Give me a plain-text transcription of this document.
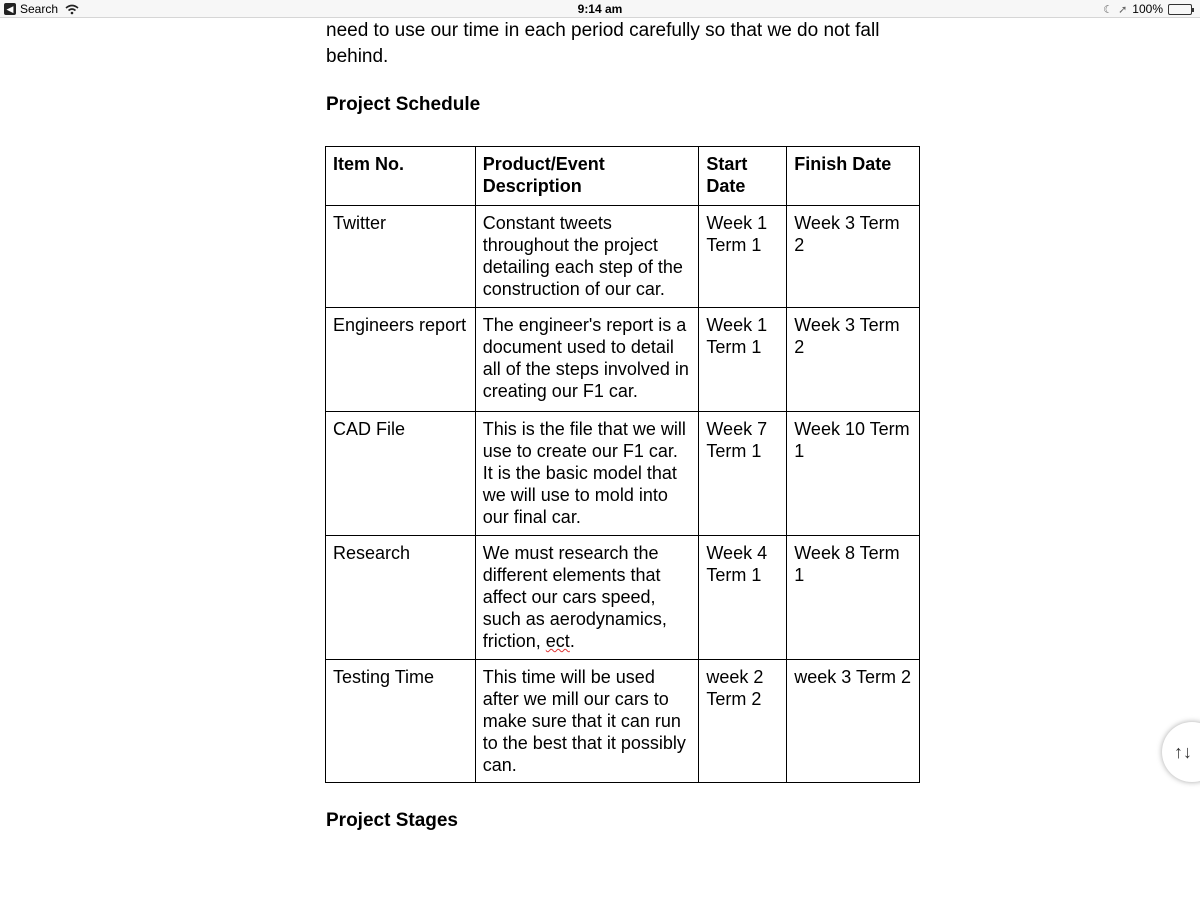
◀ Search	9:14 am	☾ ➚ 100%

need to use our time in each period carefully so that we do not fall behind.

Project Schedule
Item No.	Product/Event Description	Start Date	Finish Date
Twitter	Constant tweets throughout the project detailing each step of the construction of our car.	Week 1 Term 1	Week 3 Term 2
Engineers report	The engineer's report is a document used to detail all of the steps involved in creating our F1 car.	Week 1 Term 1	Week 3 Term 2
CAD File	This is the file that we will use to create our F1 car. It is the basic model that we will use to mold into our final car.	Week 7 Term 1	Week 10 Term 1
Research	We must research the different elements that affect our cars speed, such as aerodynamics, friction, ect.	Week 4 Term 1	Week 8 Term 1
Testing Time	This time will be used after we mill our cars to make sure that it can run to the best that it possibly can.	week 2 Term 2	week 3 Term 2
Project Stages
↑↓
